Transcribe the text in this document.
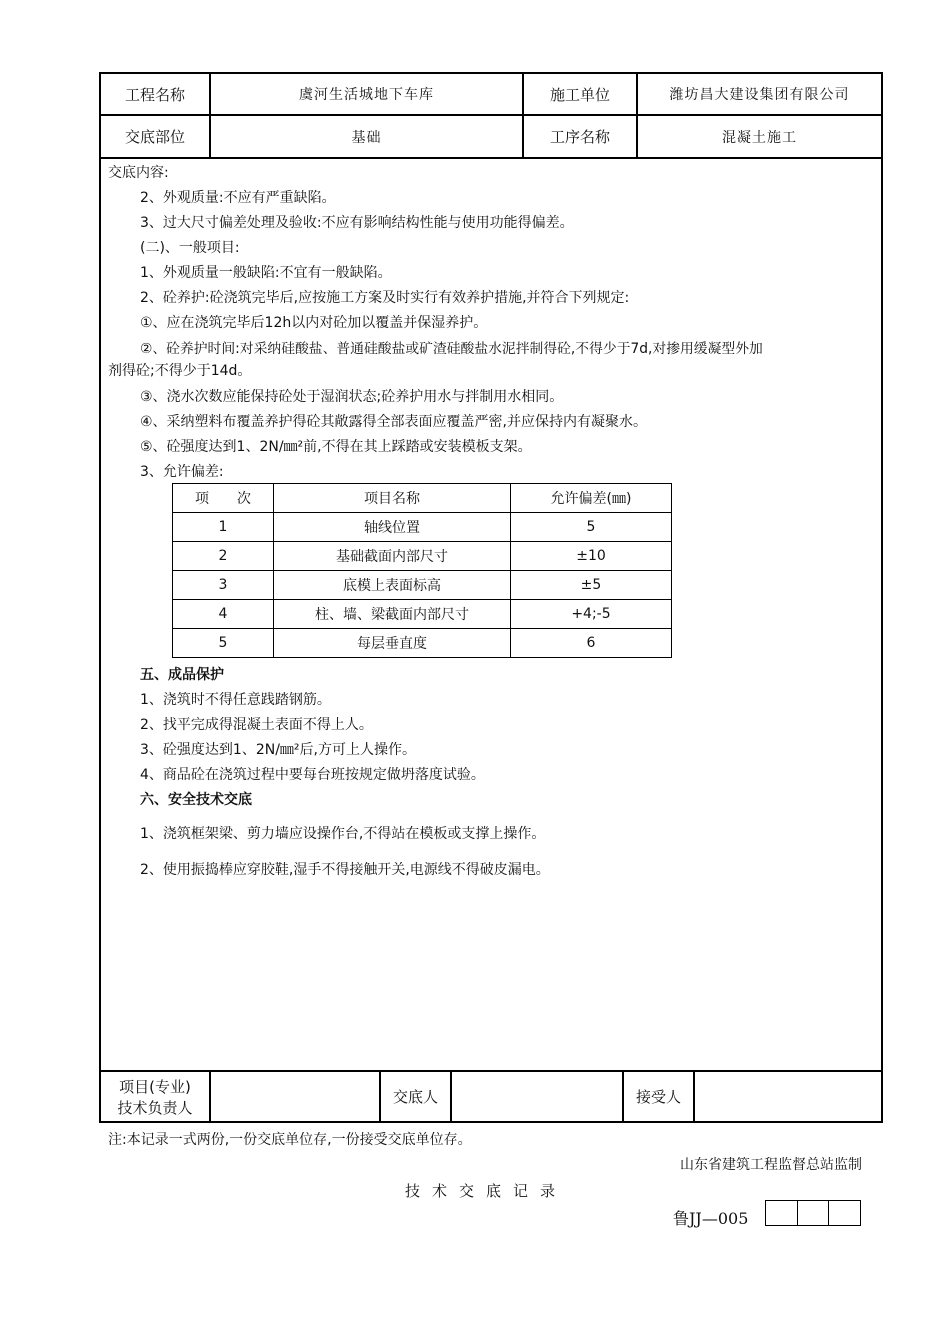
工程名称	虞河生活城地下车库	施工单位	潍坊昌大建设集团有限公司
交底部位	基础	工序名称	混凝土施工
交底内容:
2、外观质量:不应有严重缺陷。
3、过大尺寸偏差处理及验收:不应有影响结构性能与使用功能得偏差。
(二)、一般项目:
1、外观质量一般缺陷:不宜有一般缺陷。
2、砼养护:砼浇筑完毕后,应按施工方案及时实行有效养护措施,并符合下列规定:
①、应在浇筑完毕后12h以内对砼加以覆盖并保湿养护。
②、砼养护时间:对采纳硅酸盐、普通硅酸盐或矿渣硅酸盐水泥拌制得砼,不得少于7d,对掺用缓凝型外加
剂得砼;不得少于14d。
③、浇水次数应能保持砼处于湿润状态;砼养护用水与拌制用水相同。
④、采纳塑料布覆盖养护得砼其敞露得全部表面应覆盖严密,并应保持内有凝聚水。
⑤、砼强度达到1、2N/㎜²前,不得在其上踩踏或安装模板支架。
3、允许偏差:
项　　次	项目名称	允许偏差(㎜)
1	轴线位置	5
2	基础截面内部尺寸	±10
3	底模上表面标高	±5
4	柱、墙、梁截面内部尺寸	+4;-5
5	每层垂直度	6
五、成品保护
1、浇筑时不得任意践踏钢筋。
2、找平完成得混凝土表面不得上人。
3、砼强度达到1、2N/㎜²后,方可上人操作。
4、商品砼在浇筑过程中要每台班按规定做坍落度试验。
六、安全技术交底
1、浇筑框架梁、剪力墙应设操作台,不得站在模板或支撑上操作。
2、使用振捣棒应穿胶鞋,湿手不得接触开关,电源线不得破皮漏电。
项目(专业)
技术负责人
交底人	接受人
注:本记录一式两份,一份交底单位存,一份接受交底单位存。
山东省建筑工程监督总站监制
技术交底记录
鲁JJ—005
